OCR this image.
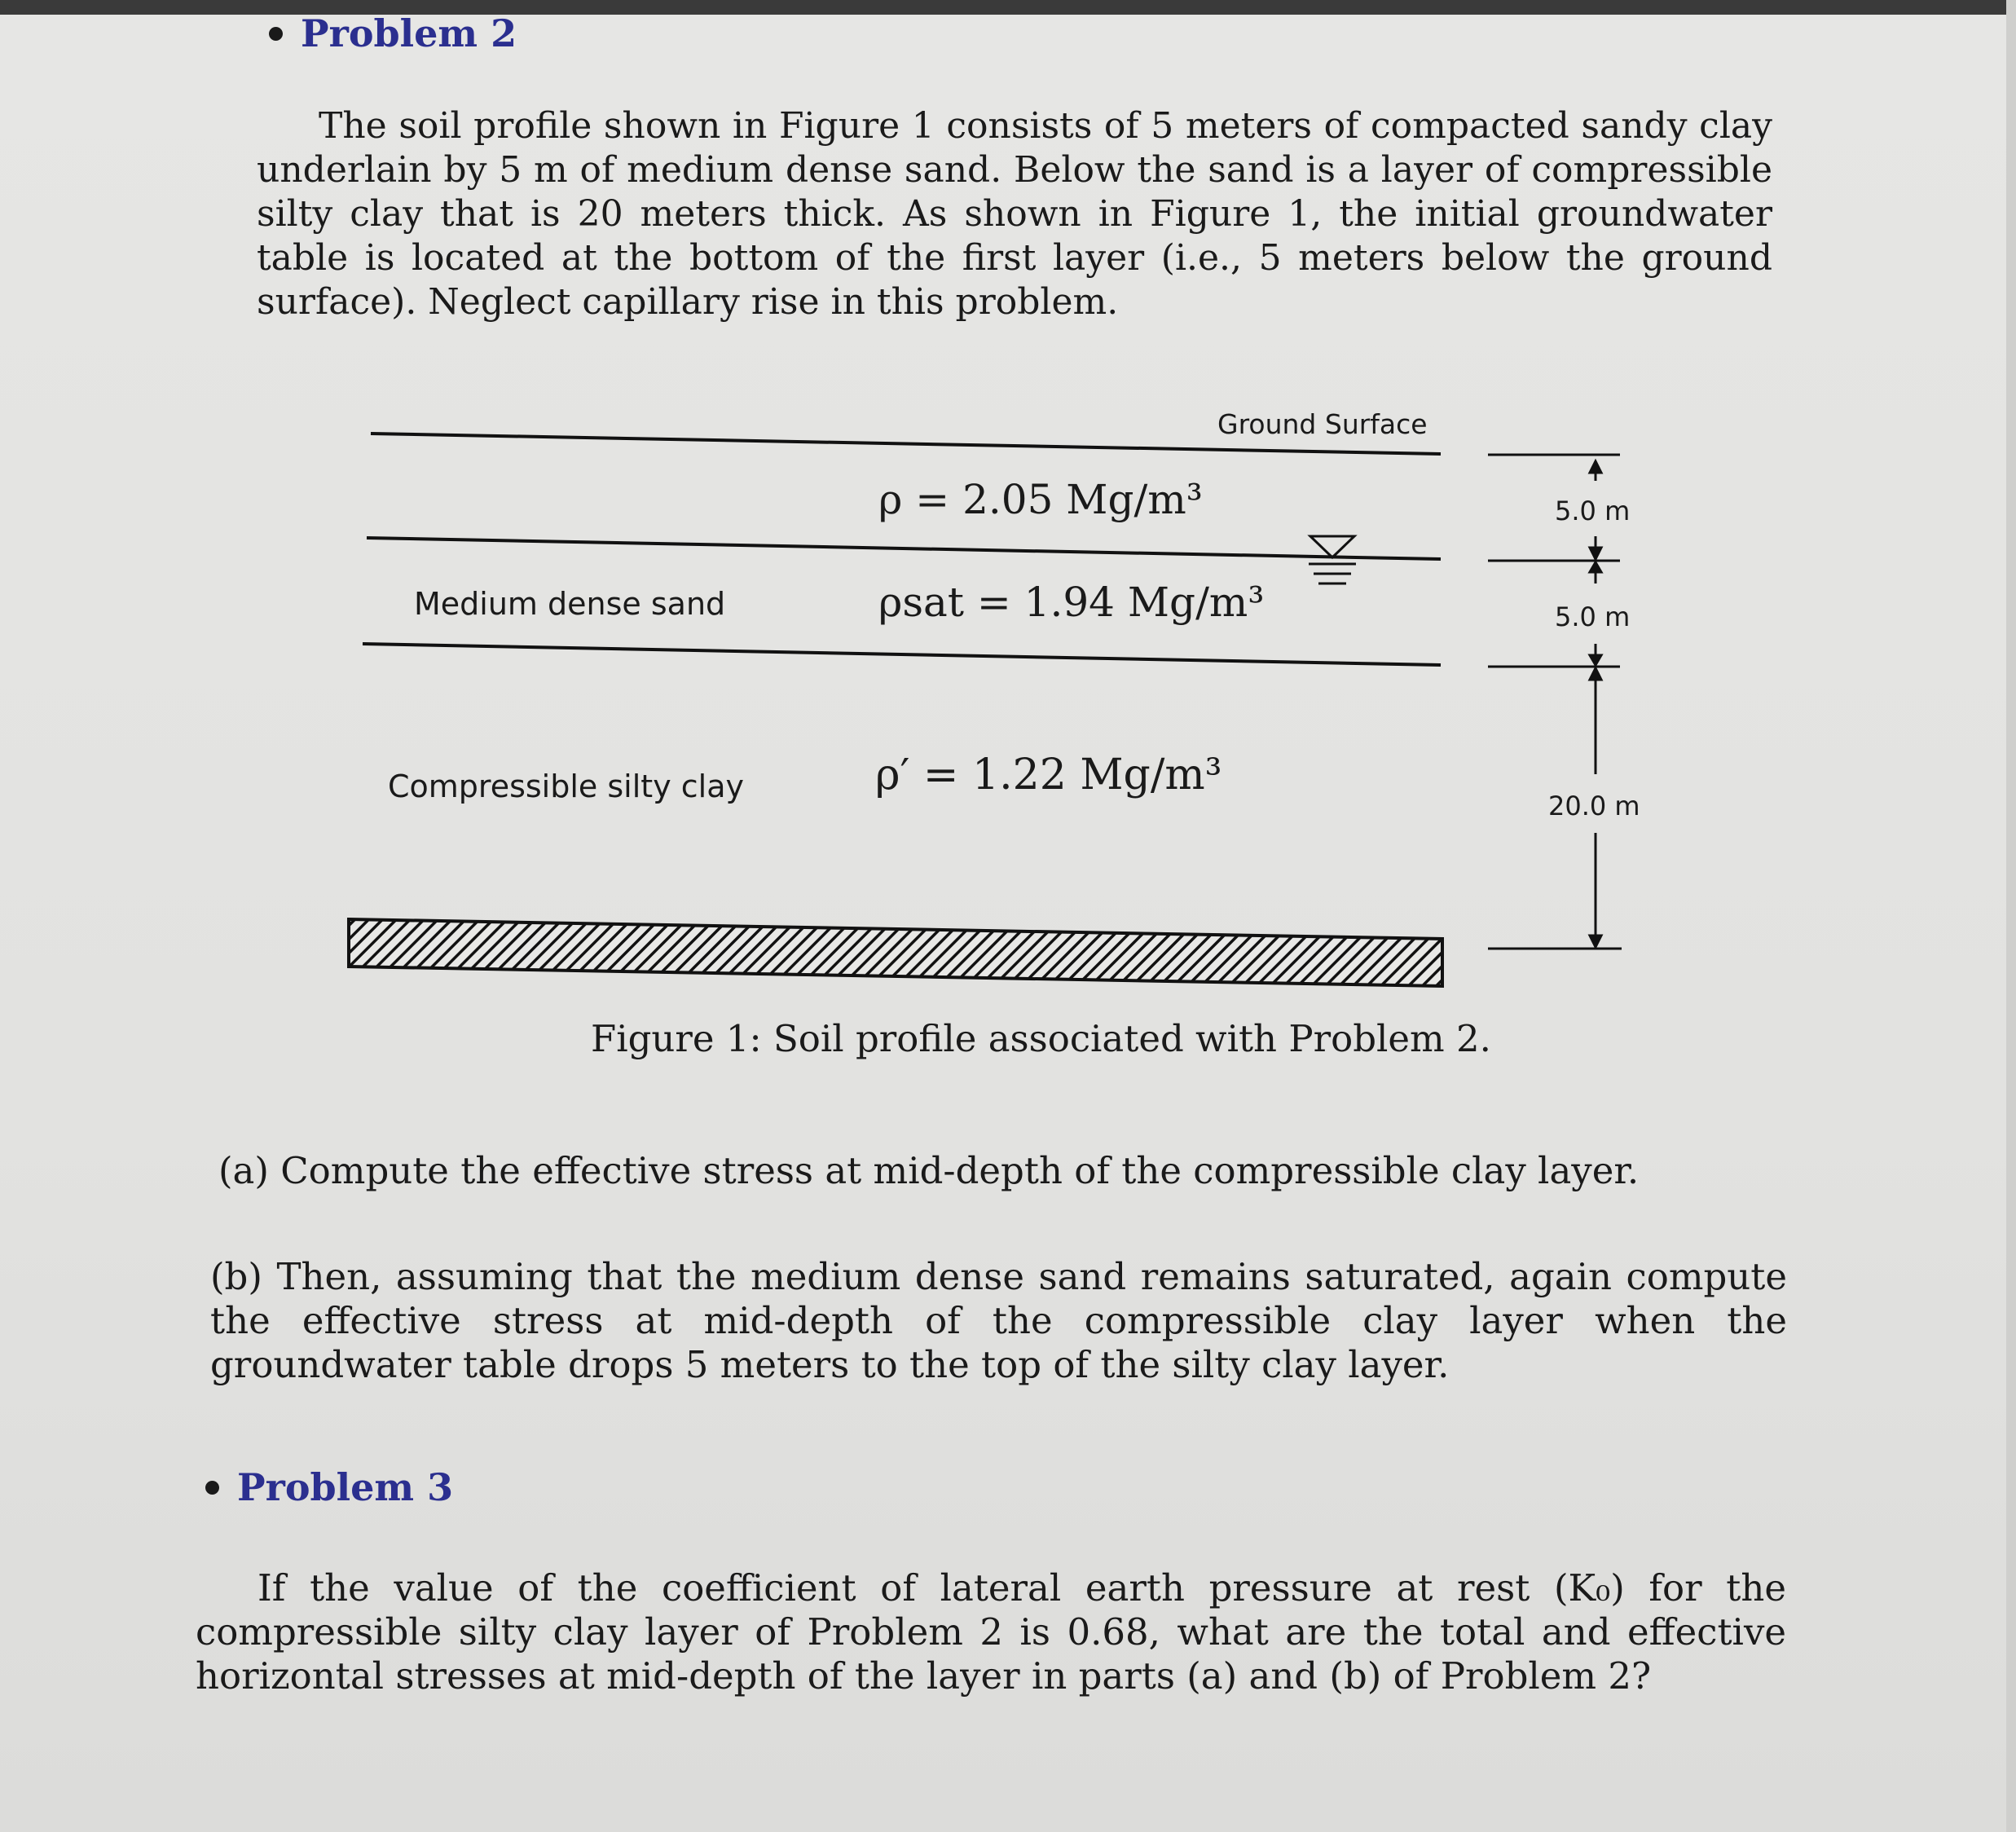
Problem 2
The soil profile shown in Figure 1 consists of 5 meters of compacted sandy clay underlain by 5 m of medium dense sand. Below the sand is a layer of compressible silty clay that is 20 meters thick. As shown in Figure 1, the initial groundwater table is located at the bottom of the first layer (i.e., 5 meters below the ground surface). Neglect capillary rise in this problem.
Ground Surface
ρ = 2.05 Mg/m³	5.0 m
Medium dense sand	ρsat = 1.94 Mg/m³	5.0 m
Compressible silty clay	ρ′ = 1.22 Mg/m³
20.0 m
Figure 1: Soil profile associated with Problem 2.
(a) Compute the effective stress at mid-depth of the compressible clay layer.
(b) Then, assuming that the medium dense sand remains saturated, again compute the effective stress at mid-depth of the compressible clay layer when the groundwater table drops 5 meters to the top of the silty clay layer.
Problem 3
If the value of the coefficient of lateral earth pressure at rest (K₀) for the compressible silty clay layer of Problem 2 is 0.68, what are the total and effective horizontal stresses at mid-depth of the layer in parts (a) and (b) of Problem 2?
